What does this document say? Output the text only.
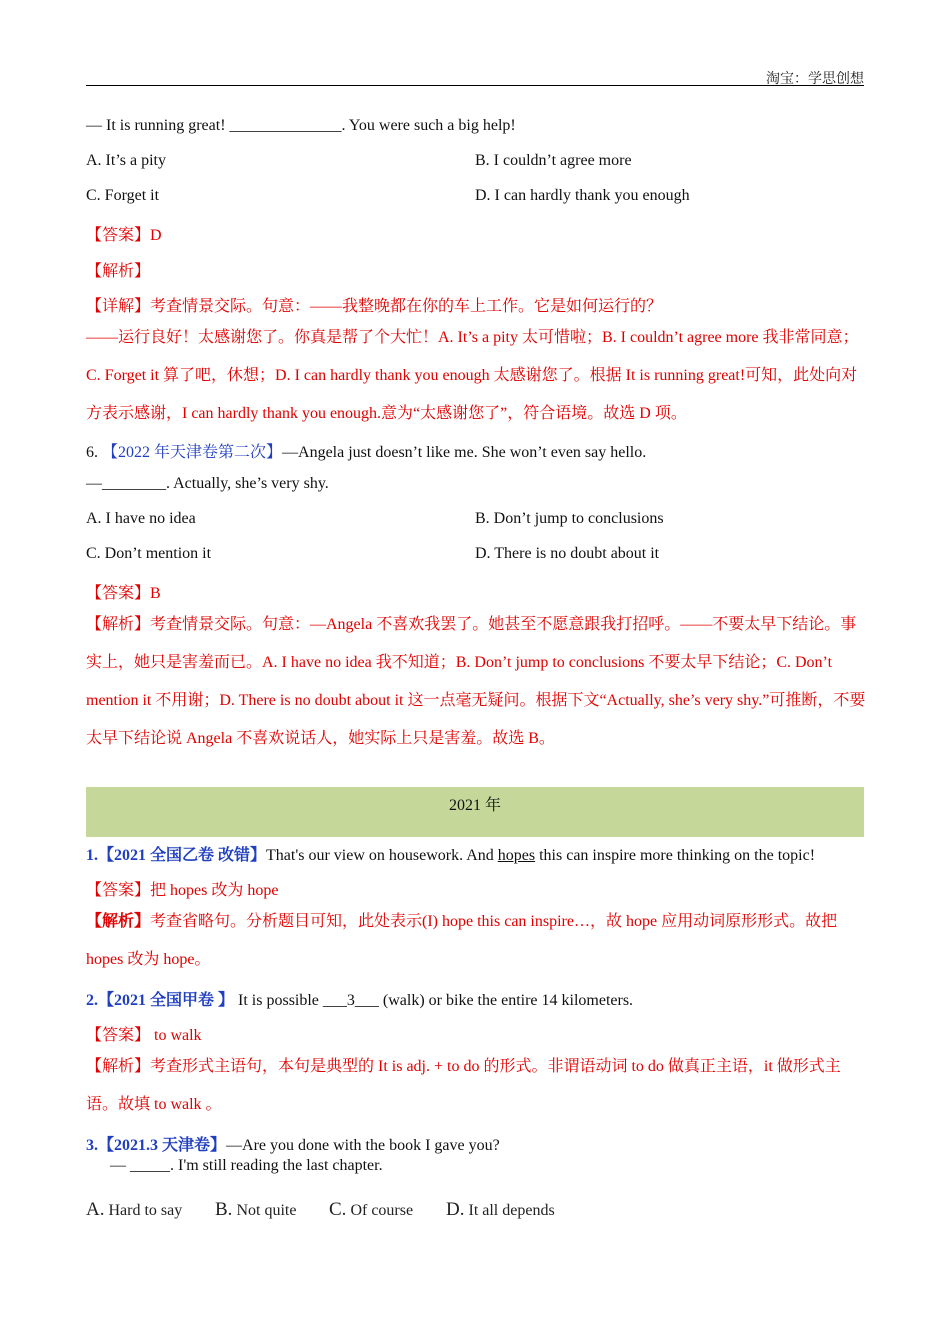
淘宝：学思创想
— It is running great! ______________. You were such a big help!
A. It’s a pity	B. I couldn’t agree more
C. Forget it	D. I can hardly thank you enough
【答案】D
【解析】
【详解】考查情景交际。句意：——我整晚都在你的车上工作。它是如何运行的？
——运行良好！太感谢您了。你真是帮了个大忙！A. It’s a pity 太可惜啦；B. I couldn’t agree more 我非常同意；C. Forget it 算了吧，休想；D. I can hardly thank you enough 太感谢您了。根据 It is running great!可知，此处向对方表示感谢，I can hardly thank you enough.意为“太感谢您了”，符合语境。故选 D 项。
6. 【2022 年天津卷第二次】—Angela just doesn’t like me. She won’t even say hello.
—________. Actually, she’s very shy.
A. I have no idea	B. Don’t jump to conclusions
C. Don’t mention it	D. There is no doubt about it
【答案】B
【解析】考查情景交际。句意：—Angela 不喜欢我罢了。她甚至不愿意跟我打招呼。——不要太早下结论。事实上，她只是害羞而已。A. I have no idea 我不知道；B. Don’t jump to conclusions 不要太早下结论；C. Don’t mention it 不用谢；D. There is no doubt about it 这一点毫无疑问。根据下文“Actually, she’s very shy.”可推断，不要太早下结论说 Angela 不喜欢说话人，她实际上只是害羞。故选 B。
2021 年
1.【2021 全国乙卷 改错】That's our view on housework. And hopes this can inspire more thinking on the topic!
【答案】把 hopes 改为 hope
【解析】考查省略句。分析题目可知，此处表示(I) hope this can inspire…，故 hope 应用动词原形形式。故把 hopes 改为 hope。
2.【2021 全国甲卷 】 It is possible ___3___ (walk) or bike the entire 14 kilometers.
【答案】 to walk
【解析】考查形式主语句，本句是典型的 It is adj. + to do 的形式。非谓语动词 to do 做真正主语，it 做形式主语。故填 to walk 。
3.【2021.3 天津卷】—Are you done with the book I gave you?
— _____. I'm still reading the last chapter.
A. Hard to say B. Not quite C. Of course D. It all depends
